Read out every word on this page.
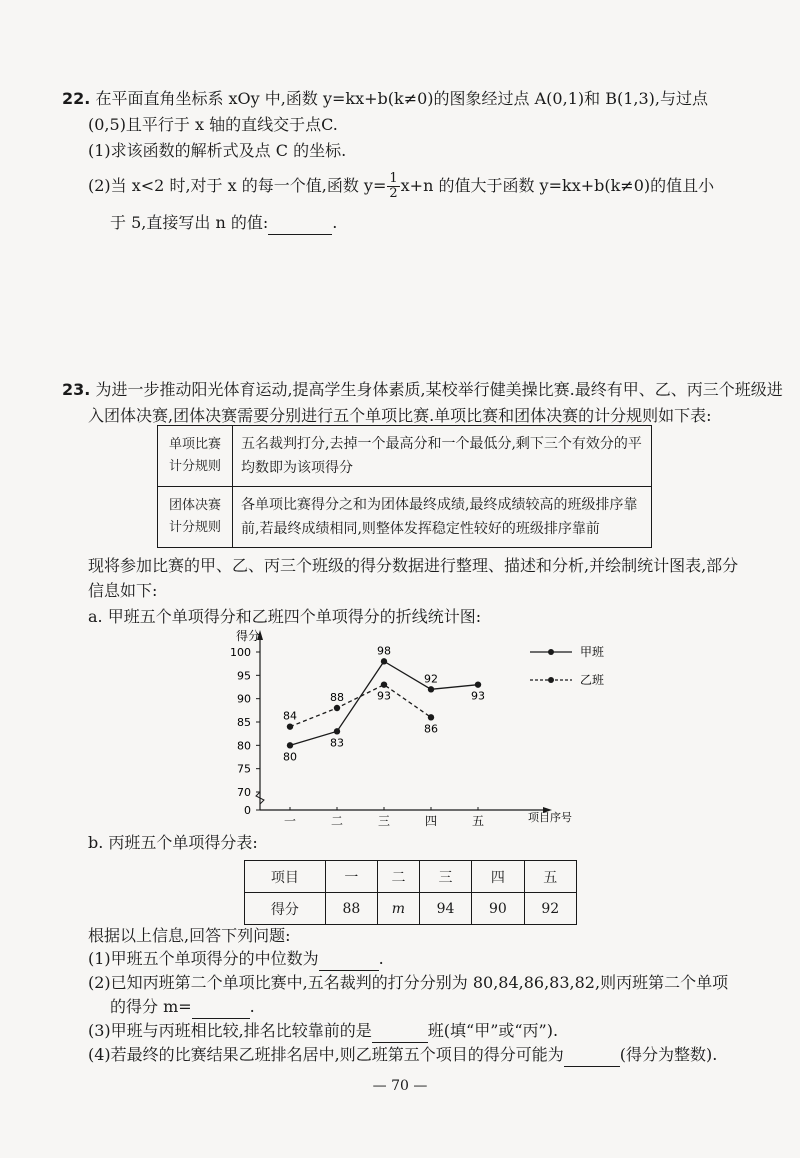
22. 在平面直角坐标系 xOy 中,函数 y=kx+b(k≠0)的图象经过点 A(0,1)和 B(1,3),与过点
(0,5)且平行于 x 轴的直线交于点C.
(1)求该函数的解析式及点 C 的坐标.
(2)当 x<2 时,对于 x 的每一个值,函数 $y= \frac{1}{2} x+n$ 的值大于函数 y=kx+b(k≠0)的值且小
于 5,直接写出 n 的值:	.
23. 为进一步推动阳光体育运动,提高学生身体素质,某校举行健美操比赛.最终有甲、乙、丙三个班级进
入团体决赛,团体决赛需要分别进行五个单项比赛.单项比赛和团体决赛的计分规则如下表:
单项比赛
计分规则	五名裁判打分,去掉一个最高分和一个最低分,剩下三个有效分的平均数即为该项得分
团体决赛
计分规则	各单项比赛得分之和为团体最终成绩,最终成绩较高的班级排序靠前,若最终成绩相同,则整体发挥稳定性较好的班级排序靠前
现将参加比赛的甲、乙、丙三个班级的得分数据进行整理、描述和分析,并绘制统计图表,部分
信息如下:
a. 甲班五个单项得分和乙班四个单项得分的折线统计图:
得分
项目序号
0
70
75
80
85
90
95
100
一	二	三	四	五
80
83
98
92
93
84
88	93
86
甲班
乙班
b. 丙班五个单项得分表:
项目	一	二	三	四	五
得分	88	m	94	90	92
根据以上信息,回答下列问题:
(1)甲班五个单项得分的中位数为	.
(2)已知丙班第二个单项比赛中,五名裁判的打分分别为 80,84,86,83,82,则丙班第二个单项
的得分 m=	.
(3)甲班与丙班相比较,排名比较靠前的是	班(填“甲”或“丙”).
(4)若最终的比赛结果乙班排名居中,则乙班第五个项目的得分可能为	(得分为整数).
— 70 —
